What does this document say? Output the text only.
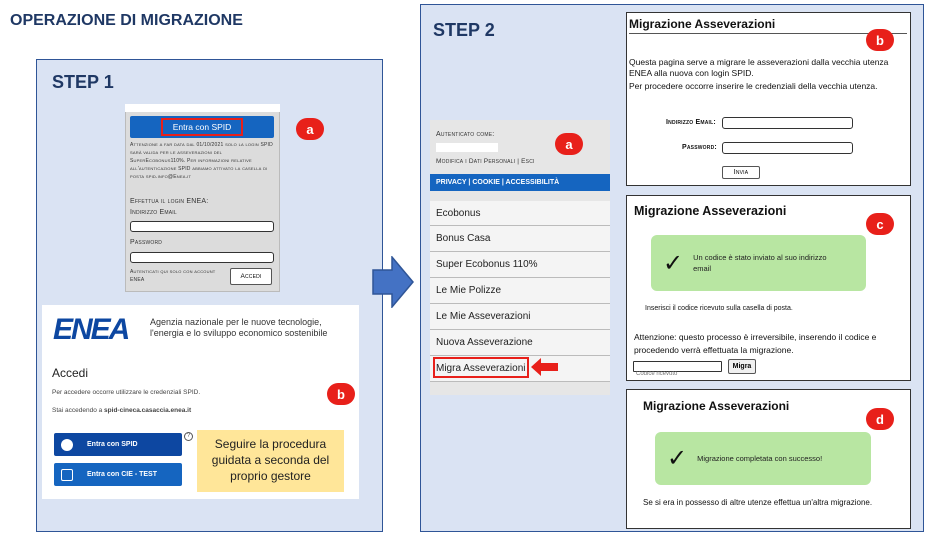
OPERAZIONE DI MIGRAZIONE
STEP 1
Entra con SPID	a
Attenzione a far data dal 01/10/2021 solo la login SPID sarà valida per le asseverazioni del SuperEcobonus110%. Per informazioni relative all'autenticazione SPID abbiamo attivato la casella di posta spid.info@Enea.it
Effettua il login ENEA:
Indirizzo Email
Password
Autenticati qui solo con account ENEA	Accedi
ENEA Agenzia nazionale per le nuove tecnologie, l'energia e lo sviluppo economico sostenibile
Accedi
Per accedere occorre utilizzare le credenziali SPID.
Stai accedendo a spid-cineca.casaccia.enea.it
b
Entra con SPID
Entra con CIE - TEST
?
Seguire la procedura guidata a seconda del proprio gestore
STEP 2
Autenticato come:
Modifica i Dati Personali | Esci
a
PRIVACY | COOKIE | ACCESSIBILITÀ
Ecobonus
Bonus Casa
Super Ecobonus 110%
Le Mie Polizze
Le Mie Asseverazioni
Nuova Asseverazione
Migra Asseverazioni
Migrazione Asseverazioni
b
Questa pagina serve a migrare le asseverazioni dalla vecchia utenza ENEA alla nuova con login SPID.
Per procedere occorre inserire le credenziali della vecchia utenza.
Indirizzo Email:
Password:
Invia
Migrazione Asseverazioni
c
✓ Un codice è stato inviato al suo indirizzo email
Inserisci il codice ricevuto sulla casella di posta.
Attenzione: questo processo è irreversibile, inserendo il codice e procedendo verrà effettuata la migrazione.
Codice ricevuto
Migra
Migrazione Asseverazioni
d
✓ Migrazione completata con successo!
Se si era in possesso di altre utenze effettua un'altra migrazione.
